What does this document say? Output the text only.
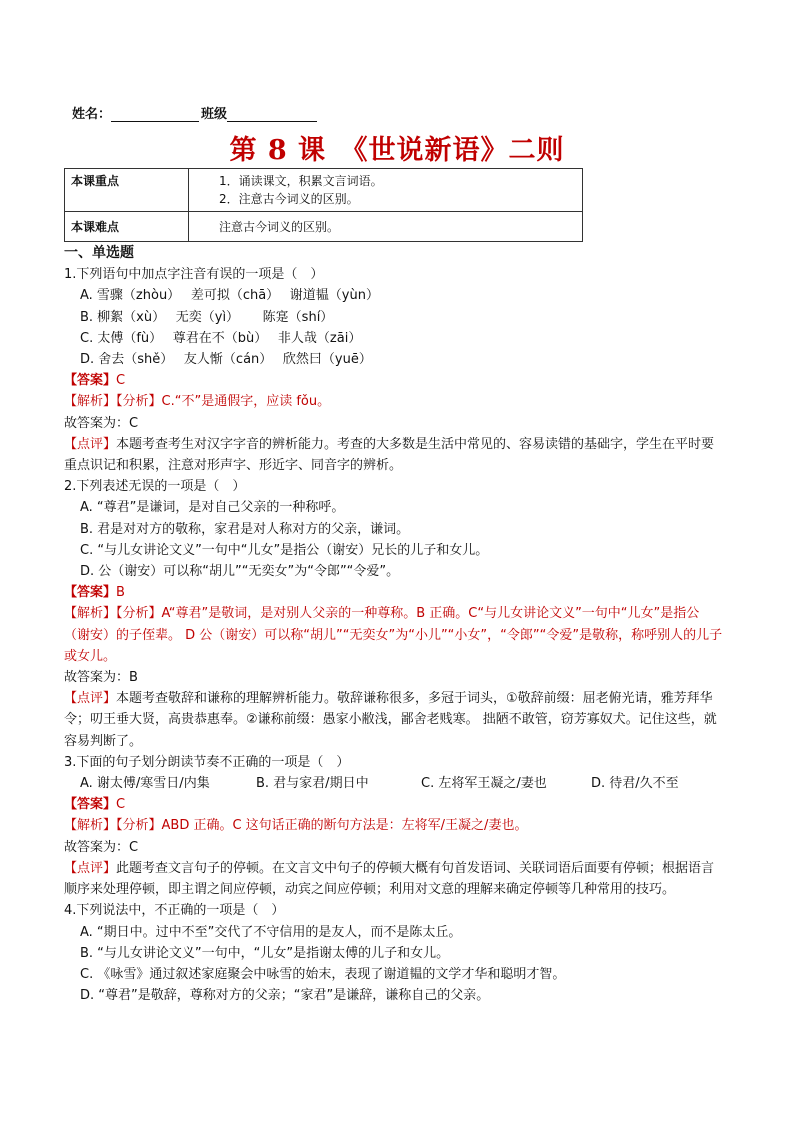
姓名：	班级
第 8 课　《世说新语》二则
本课重点	1．诵读课文，积累文言词语。
2．注意古今词义的区别。

本课难点	注意古今词义的区别。
一、单选题
1.下列语句中加点字注音有误的一项是（　）
A. 雪骤（zhòu）　 差可拟（chā）　 谢道韫（yùn）
B. 柳絮（xù）　 无奕（yì）　　 陈寔（shí）
C. 太傅（fù）　 尊君在不（bù）　 非人哉（zāi）
D. 舍去（shě）　 友人惭（cán）　 欣然曰（yuē）
【答案】C
【解析】【分析】C.“不”是通假字，应读 fǒu。
故答案为：C
【点评】本题考查考生对汉字字音的辨析能力。考查的大多数是生活中常见的、容易读错的基础字，学生在平时要重点识记和积累，注意对形声字、形近字、同音字的辨析。
2.下列表述无误的一项是（　）
A. “尊君”是谦词，是对自己父亲的一种称呼。
B. 君是对对方的敬称，家君是对人称对方的父亲，谦词。
C. “与儿女讲论文义”一句中“儿女”是指公（谢安）兄长的儿子和女儿。
D. 公（谢安）可以称“胡儿”“无奕女”为“令郎”“令爱”。
【答案】B
【解析】【分析】A“尊君”是敬词，是对别人父亲的一种尊称。B 正确。C“与儿女讲论文义”一句中“儿女”是指公（谢安）的子侄辈。 D 公（谢安）可以称“胡儿”“无奕女”为“小儿”“小女”，“令郎”“令爱”是敬称，称呼别人的儿子或女儿。
故答案为：B
【点评】本题考查敬辞和谦称的理解辨析能力。敬辞谦称很多，多冠于词头，①敬辞前缀：屈老俯光请，雅芳拜华令；叨王垂大贤，高贵恭惠奉。②谦称前缀：愚家小敝浅，鄙舍老贱寒。 拙陋不敢管，窃芳寡奴犬。记住这些，就容易判断了。
3.下面的句子划分朗读节奏不正确的一项是（　）
A. 谢太傅/寒雪日/内集	B. 君与家君/期日中	C. 左将军王凝之/妻也	D. 待君/久不至
【答案】C
【解析】【分析】ABD 正确。C 这句话正确的断句方法是：左将军/王凝之/妻也。
故答案为：C
【点评】此题考查文言句子的停顿。在文言文中句子的停顿大概有句首发语词、关联词语后面要有停顿；根据语言顺序来处理停顿，即主谓之间应停顿，动宾之间应停顿；利用对文意的理解来确定停顿等几种常用的技巧。
4.下列说法中，不正确的一项是（　）
A. “期日中。过中不至”交代了不守信用的是友人，而不是陈太丘。
B. “与儿女讲论文义”一句中，“儿女”是指谢太傅的儿子和女儿。
C. 《咏雪》通过叙述家庭聚会中咏雪的始末，表现了谢道韫的文学才华和聪明才智。
D. “尊君”是敬辞，尊称对方的父亲；“家君”是谦辞，谦称自己的父亲。
